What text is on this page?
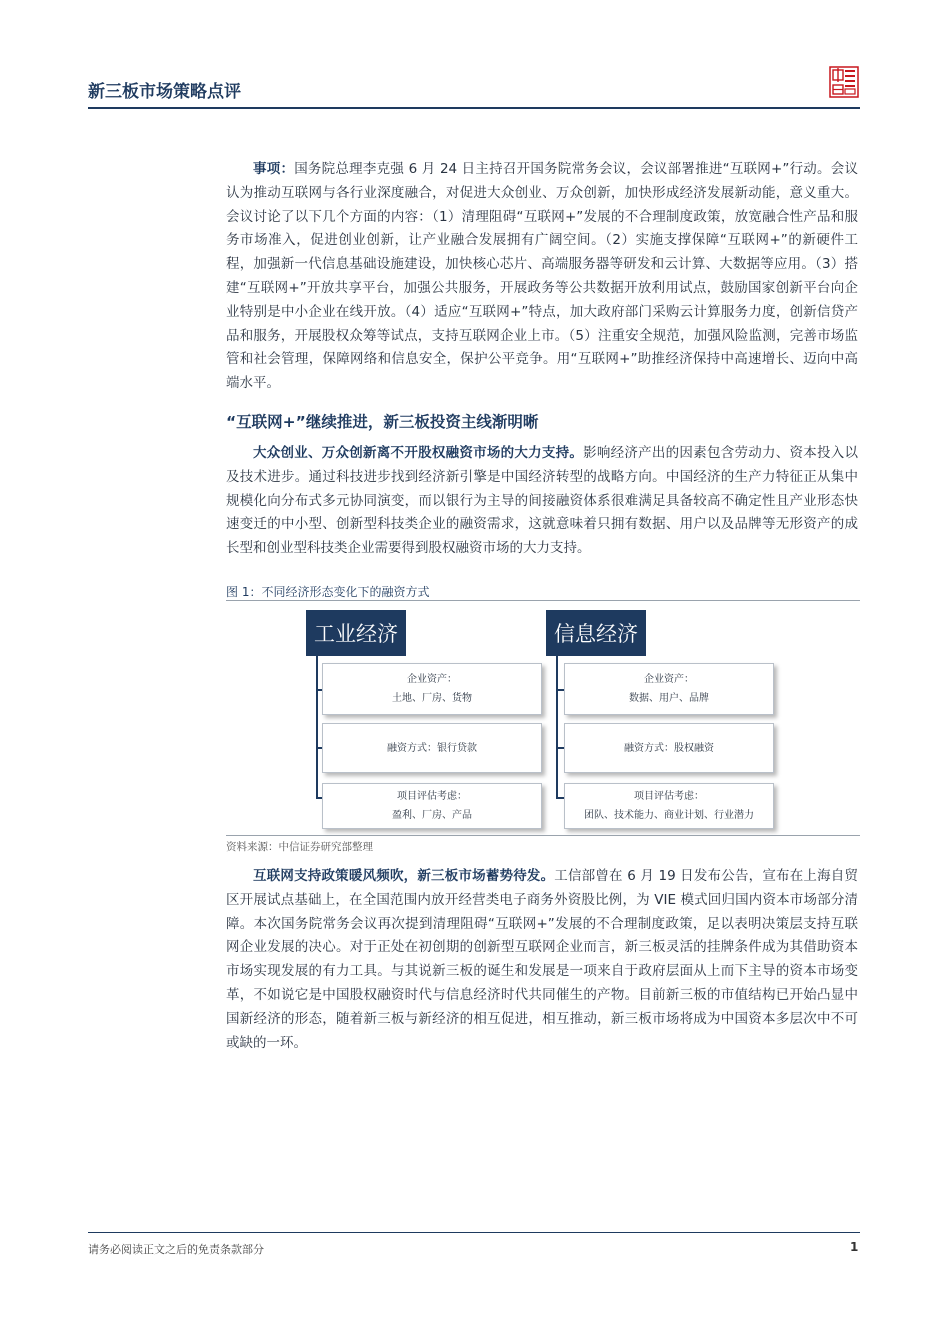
新三板市场策略点评

事项：国务院总理李克强 6 月 24 日主持召开国务院常务会议，会议部署推进“互联网+”行动。会议认为推动互联网与各行业深度融合，对促进大众创业、万众创新，加快形成经济发展新动能，意义重大。会议讨论了以下几个方面的内容：（1）清理阻碍“互联网+”发展的不合理制度政策，放宽融合性产品和服务市场准入，促进创业创新，让产业融合发展拥有广阔空间。（2）实施支撑保障“互联网+”的新硬件工程，加强新一代信息基础设施建设，加快核心芯片、高端服务器等研发和云计算、大数据等应用。（3）搭建“互联网+”开放共享平台，加强公共服务，开展政务等公共数据开放利用试点，鼓励国家创新平台向企业特别是中小企业在线开放。（4）适应“互联网+”特点，加大政府部门采购云计算服务力度，创新信贷产品和服务，开展股权众筹等试点，支持互联网企业上市。（5）注重安全规范，加强风险监测，完善市场监管和社会管理，保障网络和信息安全，保护公平竞争。用“互联网+”助推经济保持中高速增长、迈向中高端水平。

“互联网+”继续推进，新三板投资主线渐明晰

大众创业、万众创新离不开股权融资市场的大力支持。影响经济产出的因素包含劳动力、资本投入以及技术进步。通过科技进步找到经济新引擎是中国经济转型的战略方向。中国经济的生产力特征正从集中规模化向分布式多元协同演变，而以银行为主导的间接融资体系很难满足具备较高不确定性且产业形态快速变迁的中小型、创新型科技类企业的融资需求，这就意味着只拥有数据、用户以及品牌等无形资产的成长型和创业型科技类企业需要得到股权融资市场的大力支持。

图 1：不同经济形态变化下的融资方式
工业经济
企业资产：
土地、厂房、货物
融资方式：银行贷款
项目评估考虑：
盈利、厂房、产品
信息经济
企业资产：
数据、用户、品牌
融资方式：股权融资
项目评估考虑：
团队、技术能力、商业计划、行业潜力
资料来源：中信证券研究部整理

互联网支持政策暖风频吹，新三板市场蓄势待发。工信部曾在 6 月 19 日发布公告，宣布在上海自贸区开展试点基础上，在全国范围内放开经营类电子商务外资股比例，为 VIE 模式回归国内资本市场部分清障。本次国务院常务会议再次提到清理阻碍“互联网+”发展的不合理制度政策，足以表明决策层支持互联网企业发展的决心。对于正处在初创期的创新型互联网企业而言，新三板灵活的挂牌条件成为其借助资本市场实现发展的有力工具。与其说新三板的诞生和发展是一项来自于政府层面从上而下主导的资本市场变革，不如说它是中国股权融资时代与信息经济时代共同催生的产物。目前新三板的市值结构已开始凸显中国新经济的形态，随着新三板与新经济的相互促进，相互推动，新三板市场将成为中国资本多层次中不可或缺的一环。

请务必阅读正文之后的免责条款部分	1
